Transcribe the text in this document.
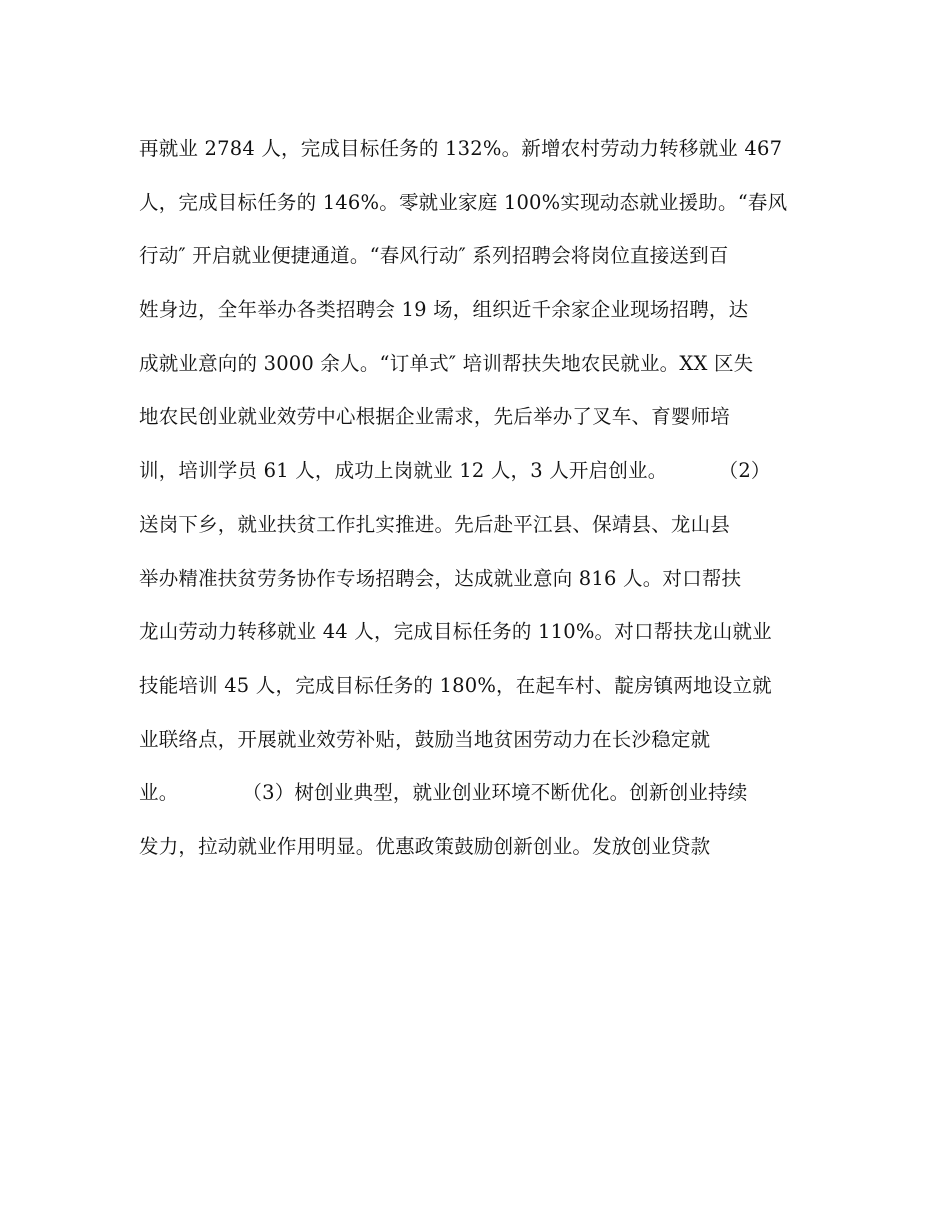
再就业 2784 人，完成目标任务的 132%。新增农村劳动力转移就业 467
人，完成目标任务的 146%。零就业家庭 100%实现动态就业援助。“春风
行动″ 开启就业便捷通道。“春风行动″ 系列招聘会将岗位直接送到百
姓身边，全年举办各类招聘会 19 场，组织近千余家企业现场招聘，达
成就业意向的 3000 余人。“订单式″ 培训帮扶失地农民就业。XX 区失
地农民创业就业效劳中心根据企业需求，先后举办了叉车、育婴师培
训，培训学员 61 人，成功上岗就业 12 人，3 人开启创业。        （2）
送岗下乡，就业扶贫工作扎实推进。先后赴平江县、保靖县、龙山县
举办精准扶贫劳务协作专场招聘会，达成就业意向 816 人。对口帮扶
龙山劳动力转移就业 44 人，完成目标任务的 110%。对口帮扶龙山就业
技能培训 45 人，完成目标任务的 180%，在起车村、靛房镇两地设立就
业联络点，开展就业效劳补贴，鼓励当地贫困劳动力在长沙稳定就
业。          （3）树创业典型，就业创业环境不断优化。创新创业持续
发力，拉动就业作用明显。优惠政策鼓励创新创业。发放创业贷款
